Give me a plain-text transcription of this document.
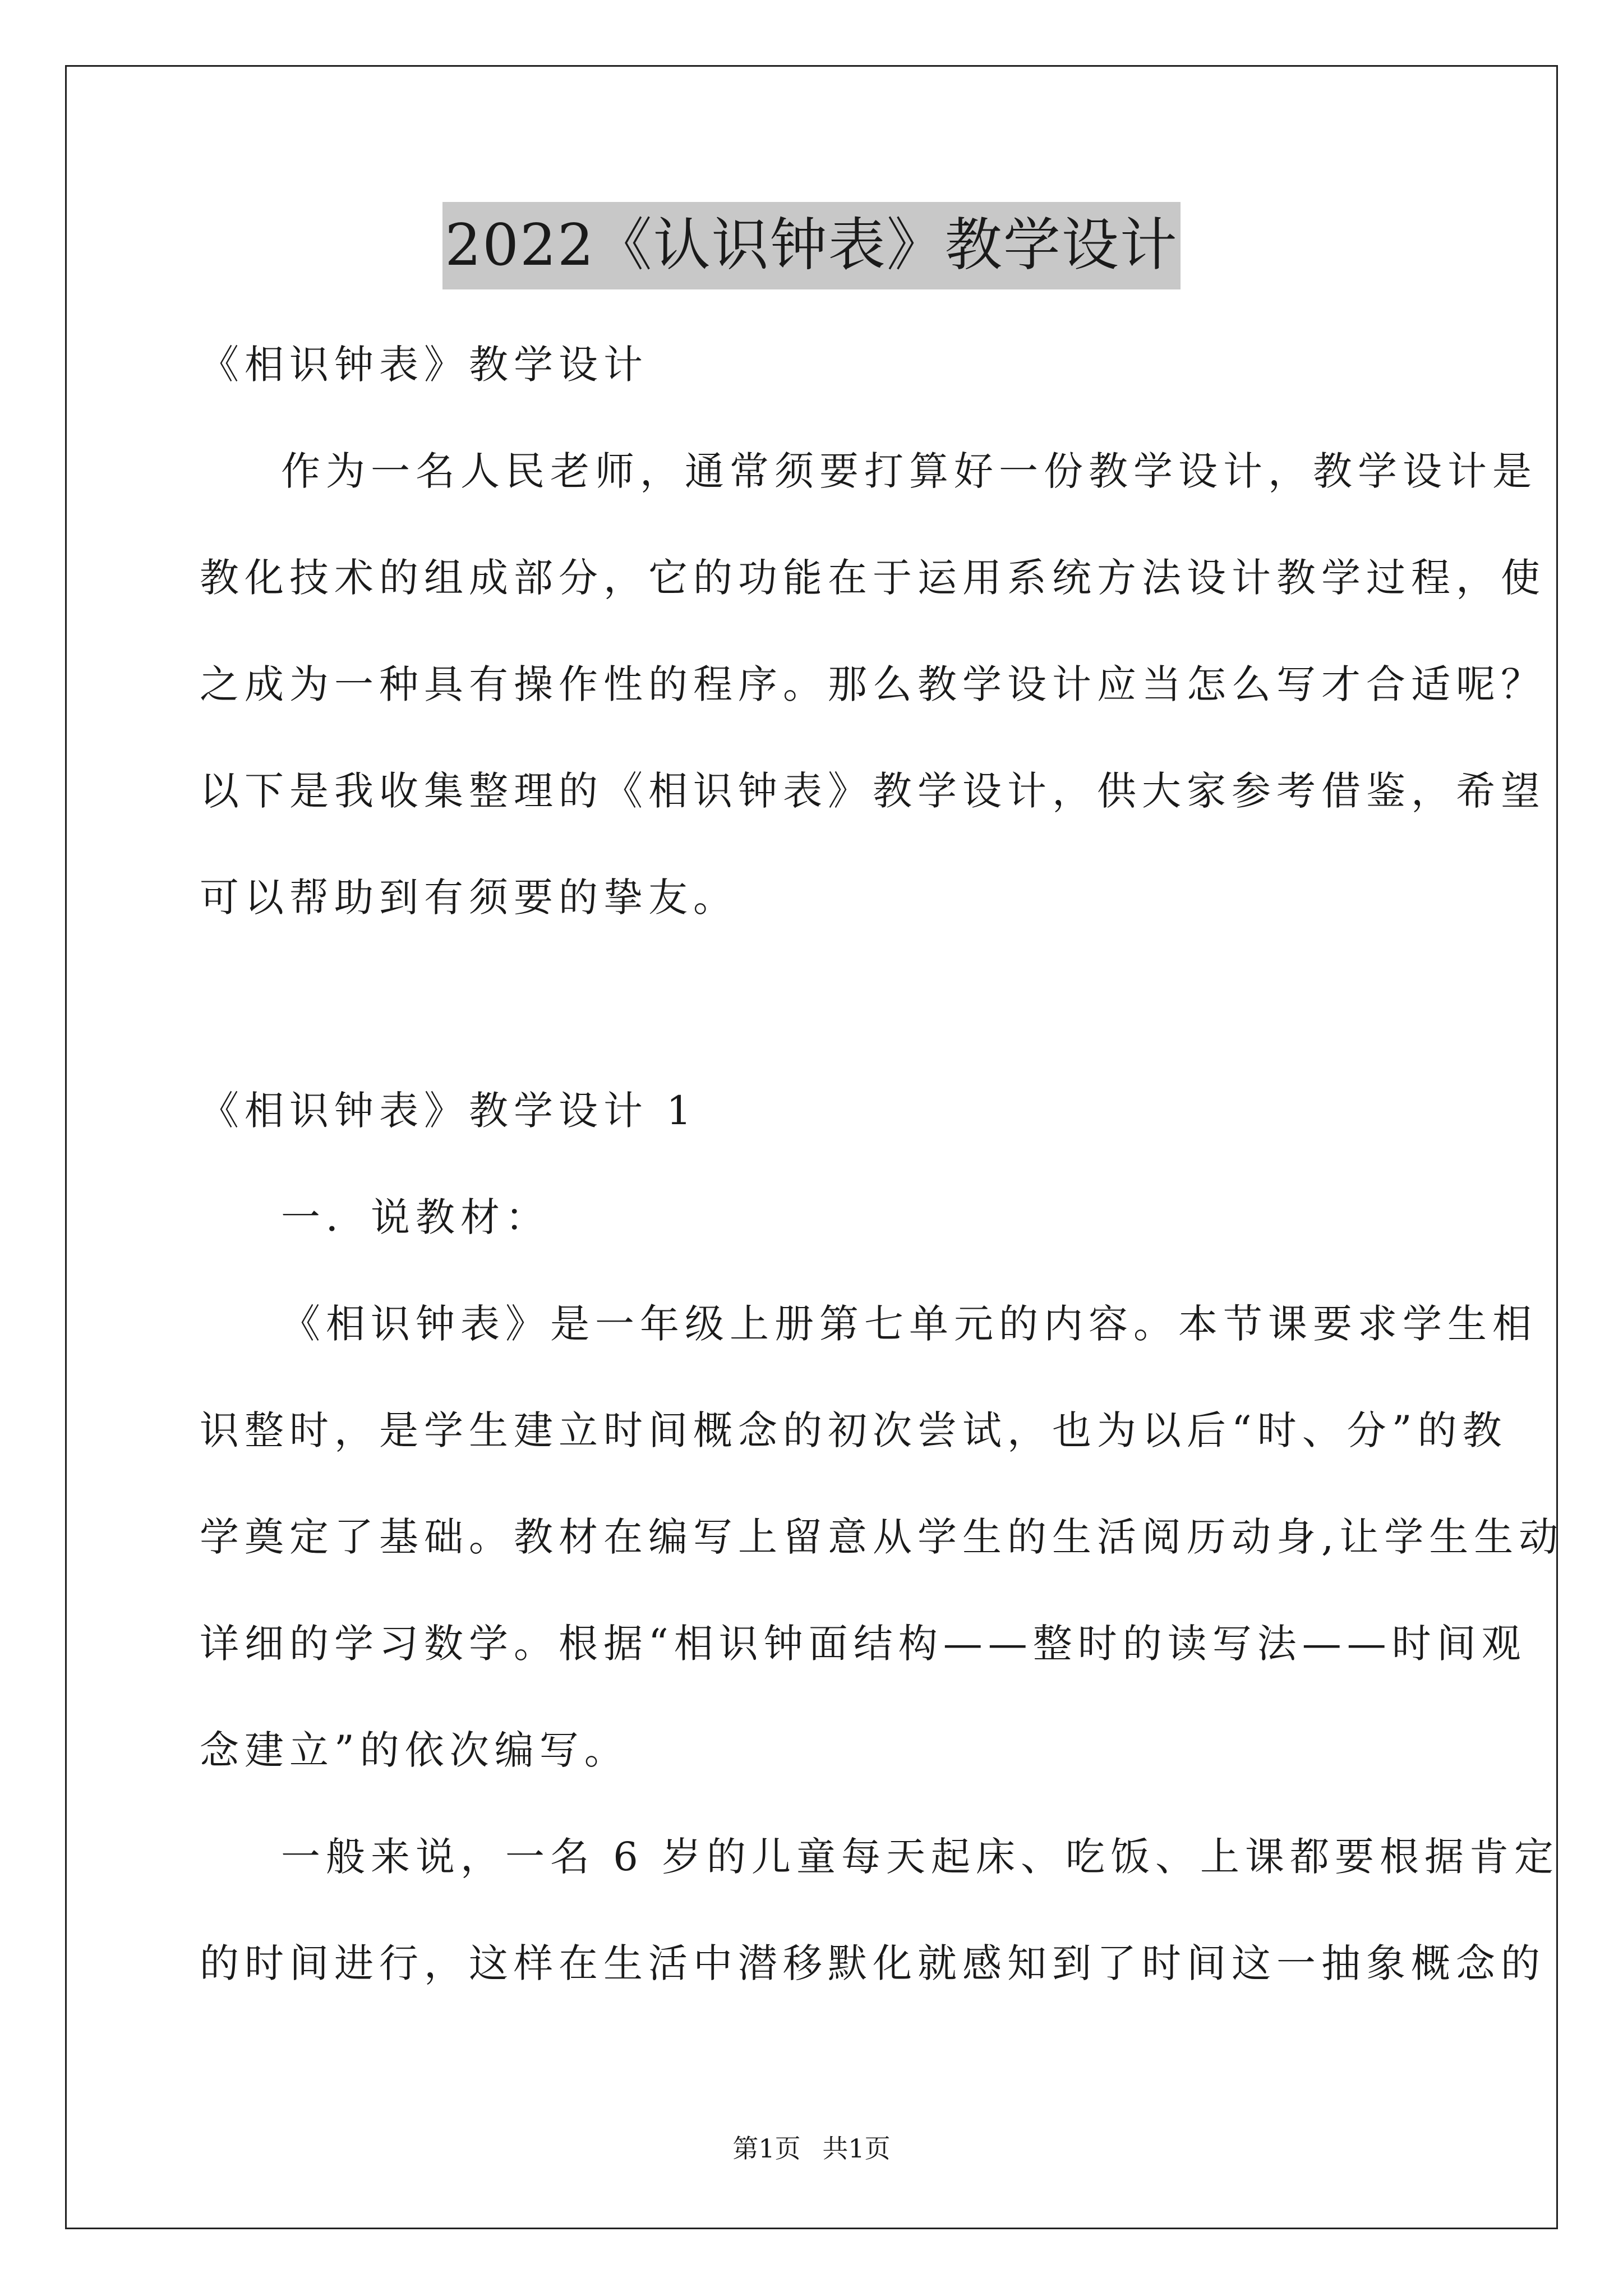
2022《认识钟表》教学设计
《相识钟表》教学设计
作为一名人民老师，通常须要打算好一份教学设计，教学设计是
教化技术的组成部分，它的功能在于运用系统方法设计教学过程，使
之成为一种具有操作性的程序。那么教学设计应当怎么写才合适呢？
以下是我收集整理的《相识钟表》教学设计，供大家参考借鉴，希望
可以帮助到有须要的挚友。
《相识钟表》教学设计 1
一．说教材：
《相识钟表》是一年级上册第七单元的内容。本节课要求学生相
识整时，是学生建立时间概念的初次尝试，也为以后“时、分”的教
学奠定了基础。教材在编写上留意从学生的生活阅历动身,让学生生动
详细的学习数学。根据“相识钟面结构——整时的读写法——时间观
念建立”的依次编写。
一般来说，一名 6 岁的儿童每天起床、吃饭、上课都要根据肯定
的时间进行，这样在生活中潜移默化就感知到了时间这一抽象概念的
第1页 共1页
